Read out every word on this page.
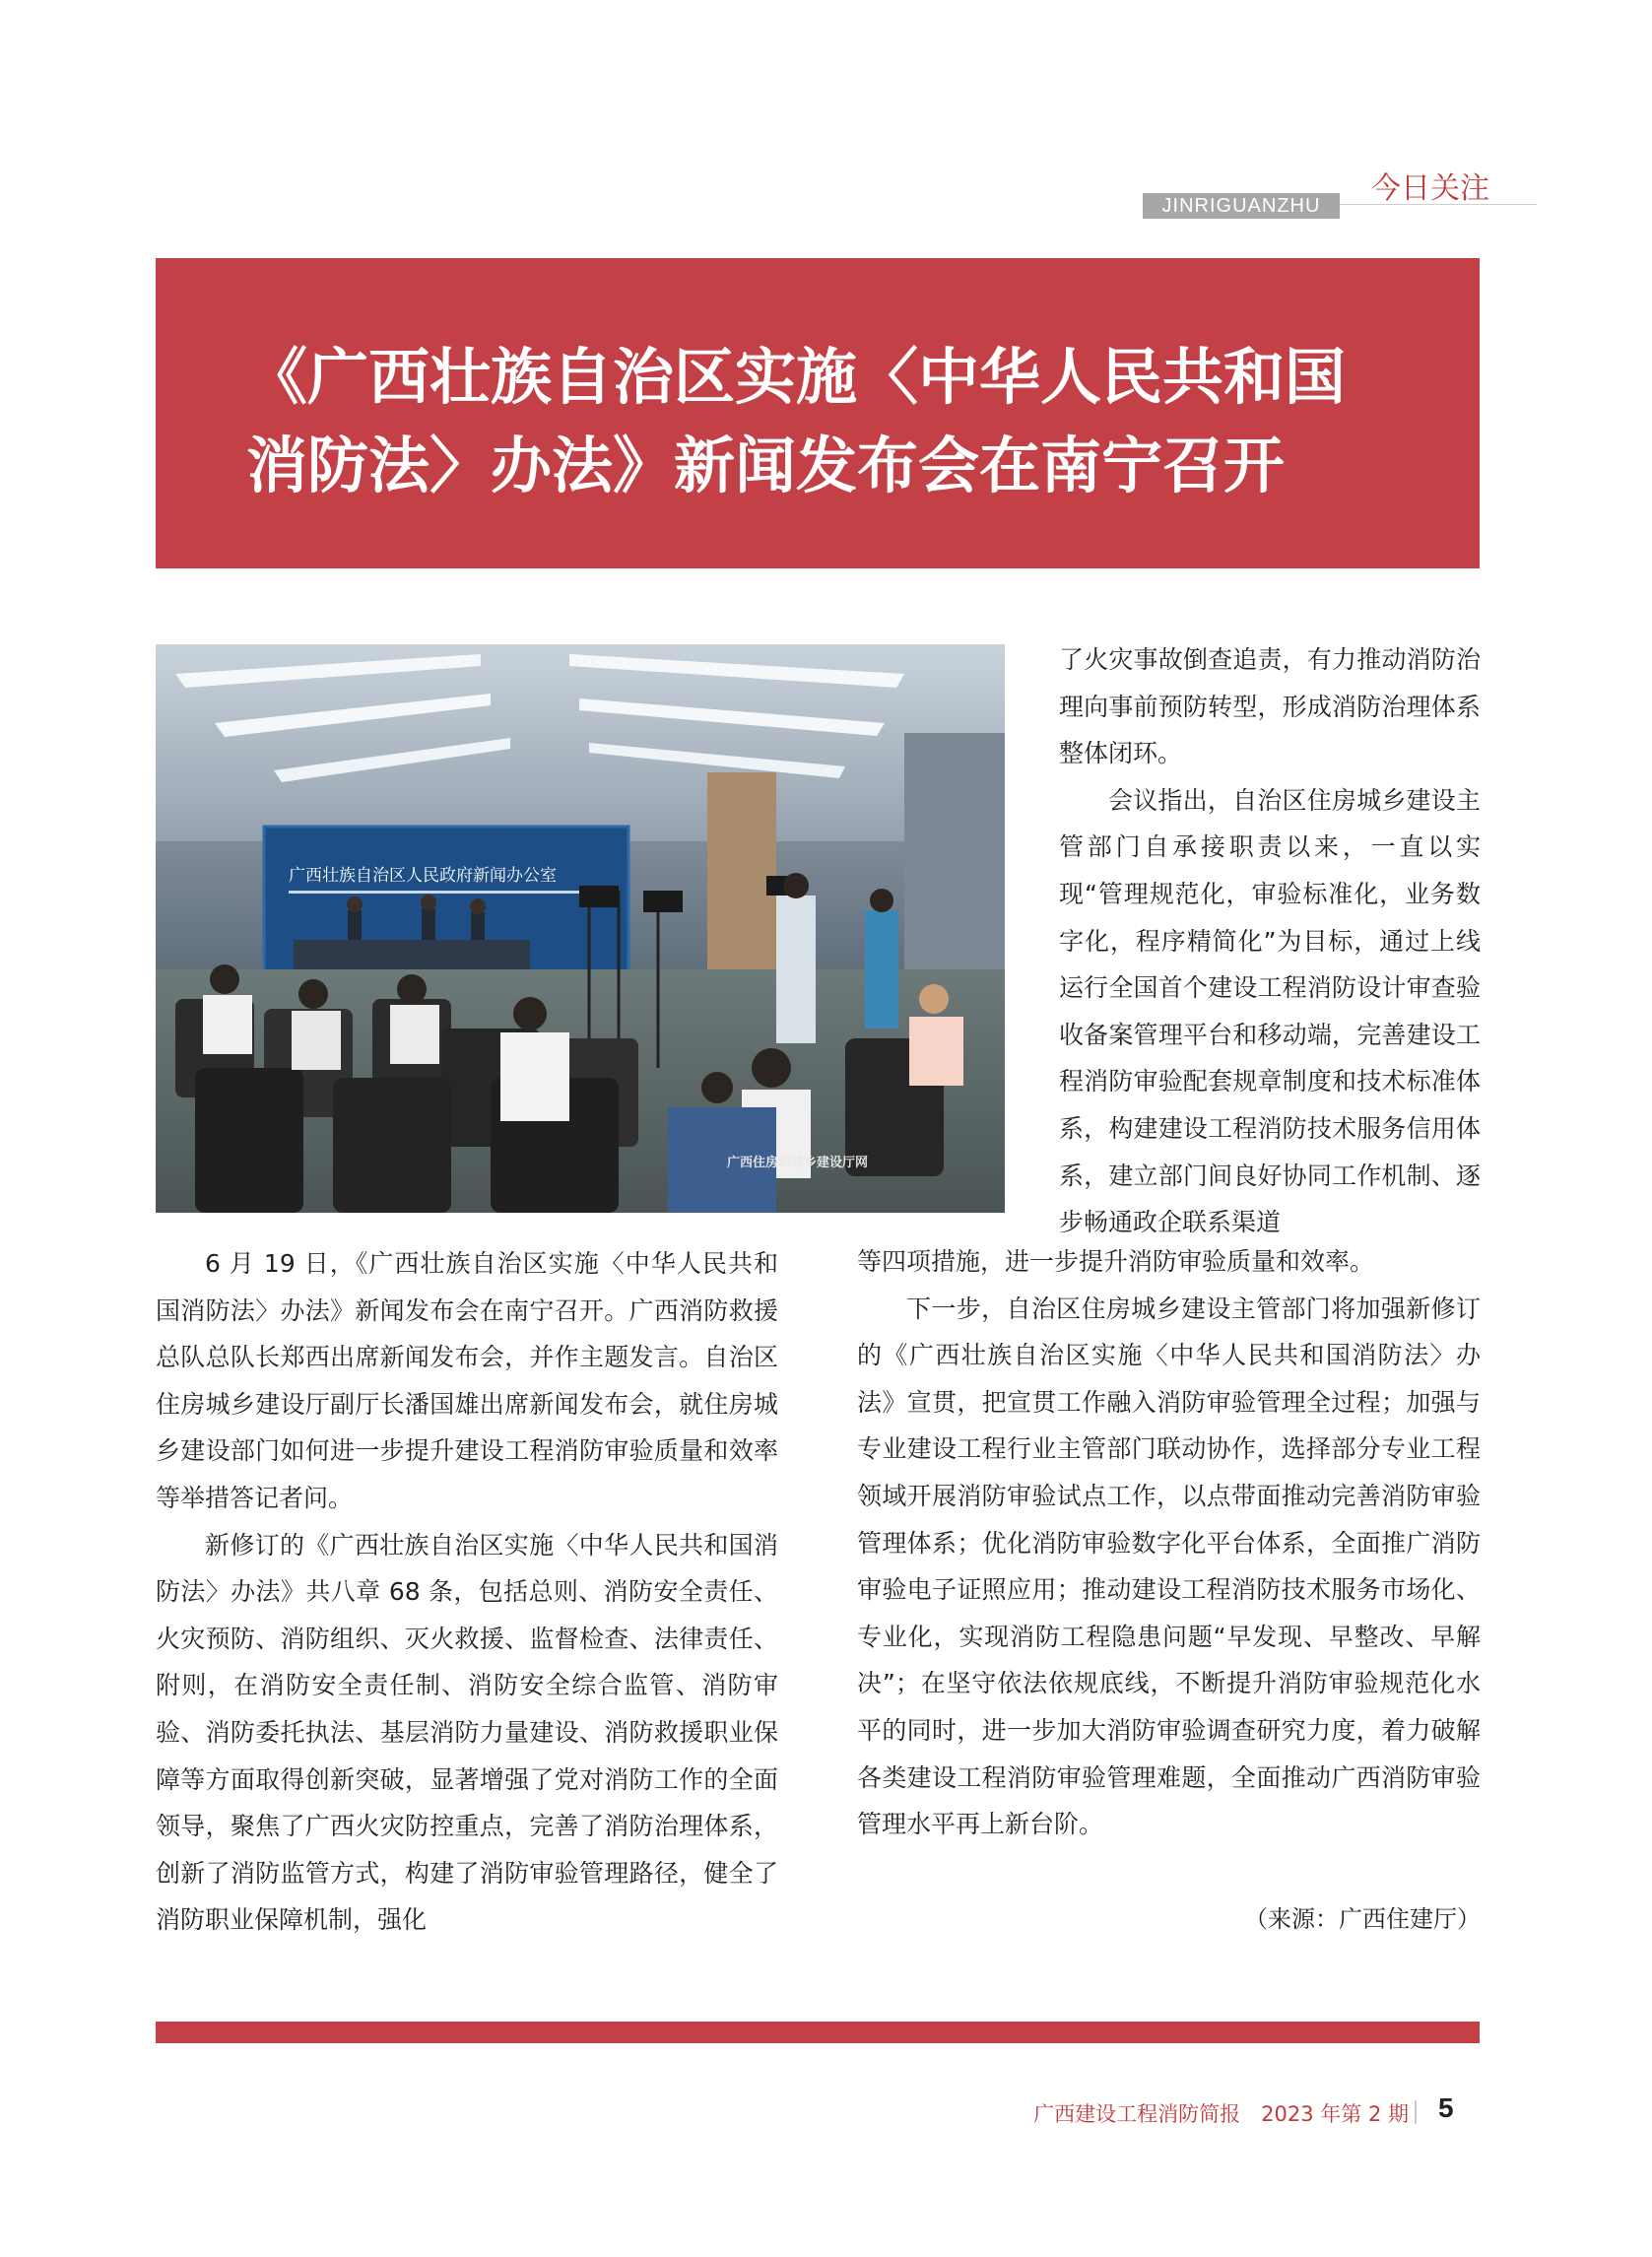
JINRIGUANZHU	今日关注
《广西壮族自治区实施〈中华人民共和国
消防法〉办法》新闻发布会在南宁召开
广西壮族自治区人民政府新闻办公室
广西住房和城乡建设厅网

了火灾事故倒查追责，有力推动消防治理向事前预防转型，形成消防治理体系整体闭环。

会议指出，自治区住房城乡建设主管部门自承接职责以来，一直以实现“管理规范化，审验标准化，业务数字化，程序精简化”为目标，通过上线运行全国首个建设工程消防设计审查验收备案管理平台和移动端，完善建设工程消防审验配套规章制度和技术标准体系，构建建设工程消防技术服务信用体系，建立部门间良好协同工作机制、逐步畅通政企联系渠道

6 月 19 日，《广西壮族自治区实施〈中华人民共和国消防法〉办法》新闻发布会在南宁召开。广西消防救援总队总队长郑西出席新闻发布会，并作主题发言。自治区住房城乡建设厅副厅长潘国雄出席新闻发布会，就住房城乡建设部门如何进一步提升建设工程消防审验质量和效率等举措答记者问。

新修订的《广西壮族自治区实施〈中华人民共和国消防法〉办法》共八章 68 条，包括总则、消防安全责任、火灾预防、消防组织、灭火救援、监督检查、法律责任、附则，在消防安全责任制、消防安全综合监管、消防审验、消防委托执法、基层消防力量建设、消防救援职业保障等方面取得创新突破，显著增强了党对消防工作的全面领导，聚焦了广西火灾防控重点，完善了消防治理体系，创新了消防监管方式，构建了消防审验管理路径，健全了消防职业保障机制，强化

等四项措施，进一步提升消防审验质量和效率。

下一步，自治区住房城乡建设主管部门将加强新修订的《广西壮族自治区实施〈中华人民共和国消防法〉办法》宣贯，把宣贯工作融入消防审验管理全过程；加强与专业建设工程行业主管部门联动协作，选择部分专业工程领域开展消防审验试点工作，以点带面推动完善消防审验管理体系；优化消防审验数字化平台体系，全面推广消防审验电子证照应用；推动建设工程消防技术服务市场化、专业化，实现消防工程隐患问题“早发现、早整改、早解决”；在坚守依法依规底线，不断提升消防审验规范化水平的同时，进一步加大消防审验调查研究力度，着力破解各类建设工程消防审验管理难题，全面推动广西消防审验管理水平再上新台阶。

（来源：广西住建厅）
广西建设工程消防简报　2023 年第 2 期 5
